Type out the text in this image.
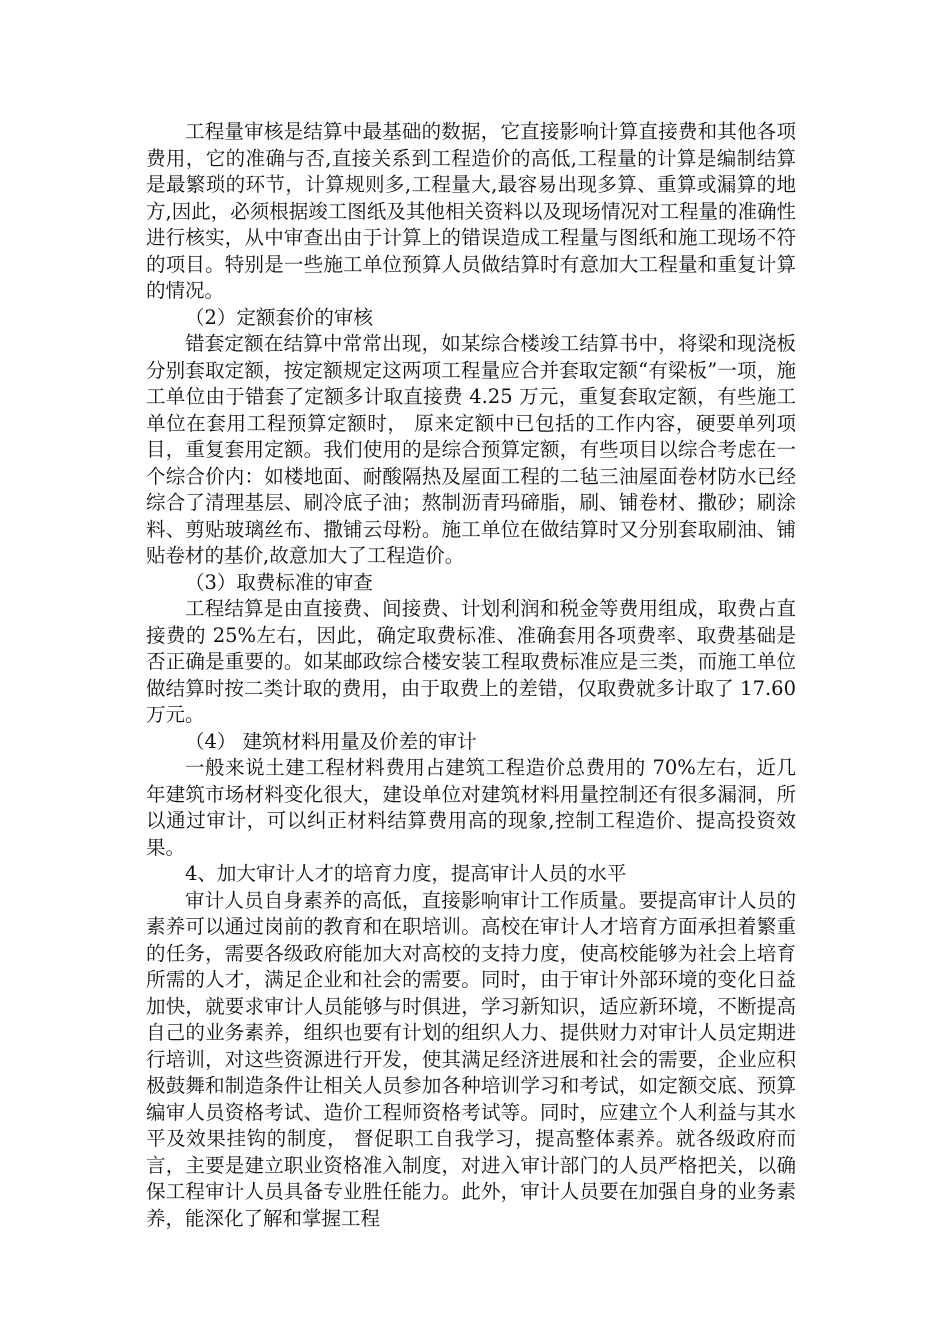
工程量审核是结算中最基础的数据，它直接影响计算直接费和其他各项费用，它的准确与否,直接关系到工程造价的高低,工程量的计算是编制结算是最繁琐的环节，计算规则多,工程量大,最容易出现多算、重算或漏算的地方,因此，必须根据竣工图纸及其他相关资料以及现场情况对工程量的准确性进行核实，从中审查出由于计算上的错误造成工程量与图纸和施工现场不符的项目。特别是一些施工单位预算人员做结算时有意加大工程量和重复计算的情况。

（2）定额套价的审核

错套定额在结算中常常出现，如某综合楼竣工结算书中，将梁和现浇板分别套取定额，按定额规定这两项工程量应合并套取定额“有梁板”一项，施工单位由于错套了定额多计取直接费 4.25 万元，重复套取定额，有些施工单位在套用工程预算定额时， 原来定额中已包括的工作内容，硬要单列项目，重复套用定额。我们使用的是综合预算定额，有些项目以综合考虑在一个综合价内：如楼地面、耐酸隔热及屋面工程的二毡三油屋面卷材防水已经综合了清理基层、刷冷底子油；熬制沥青玛碲脂，刷、铺卷材、撒砂；刷涂料、剪贴玻璃丝布、撒铺云母粉。施工单位在做结算时又分别套取刷油、铺贴卷材的基价,故意加大了工程造价。

（3）取费标准的审查

工程结算是由直接费、间接费、计划利润和税金等费用组成，取费占直接费的 25%左右，因此，确定取费标准、准确套用各项费率、取费基础是否正确是重要的。如某邮政综合楼安装工程取费标准应是三类，而施工单位做结算时按二类计取的费用，由于取费上的差错，仅取费就多计取了 17.60 万元。

（4） 建筑材料用量及价差的审计

一般来说土建工程材料费用占建筑工程造价总费用的 70%左右，近几年建筑市场材料变化很大，建设单位对建筑材料用量控制还有很多漏洞，所以通过审计，可以纠正材料结算费用高的现象,控制工程造价、提高投资效果。

4、加大审计人才的培育力度，提高审计人员的水平

审计人员自身素养的高低，直接影响审计工作质量。要提高审计人员的素养可以通过岗前的教育和在职培训。高校在审计人才培育方面承担着繁重的任务，需要各级政府能加大对高校的支持力度，使高校能够为社会上培育所需的人才，满足企业和社会的需要。同时，由于审计外部环境的变化日益加快，就要求审计人员能够与时俱进，学习新知识，适应新环境，不断提高自己的业务素养，组织也要有计划的组织人力、提供财力对审计人员定期进行培训，对这些资源进行开发，使其满足经济进展和社会的需要，企业应积极鼓舞和制造条件让相关人员参加各种培训学习和考试，如定额交底、预算编审人员资格考试、造价工程师资格考试等。同时，应建立个人利益与其水平及效果挂钩的制度， 督促职工自我学习，提高整体素养。就各级政府而言，主要是建立职业资格准入制度，对进入审计部门的人员严格把关，以确保工程审计人员具备专业胜任能力。此外，审计人员要在加强自身的业务素养，能深化了解和掌握工程
